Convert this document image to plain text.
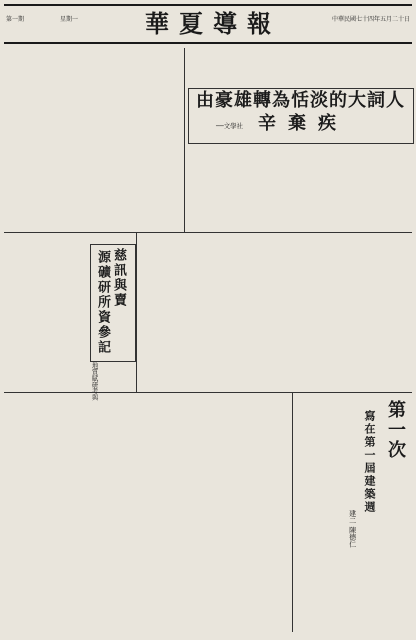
第一期	星期一	華夏導報	中華民國七十四年五月二十日
由豪雄轉為恬淡的大詞人
──文學社 辛棄疾
慈訊與賣
源礦研所資參記
地質賦研考與
第一次
寫在第一屆建築週
建二 陳德仁
